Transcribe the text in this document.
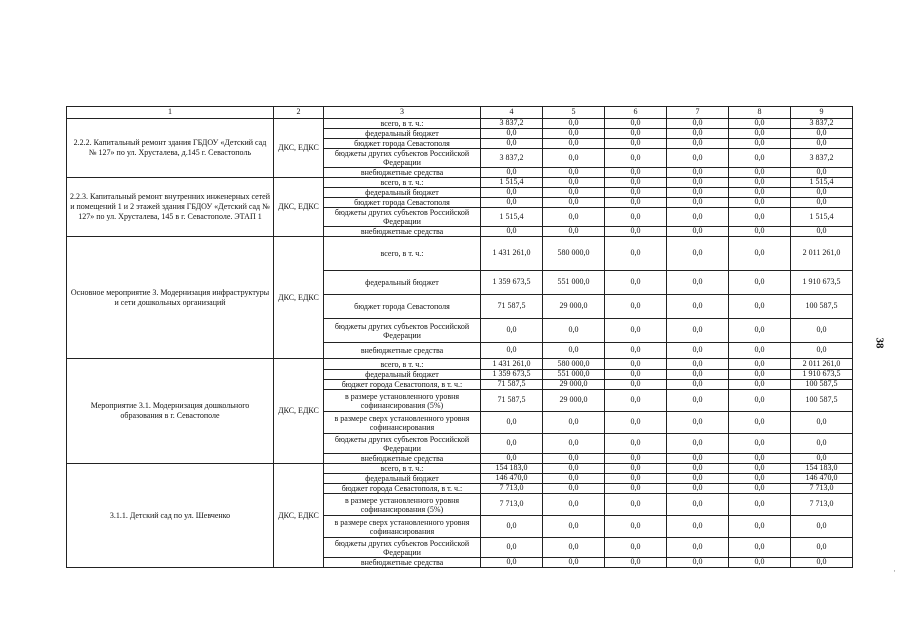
1	2	3	4	5	6	7	8	9
2.2.2. Капитальный ремонт здания ГБДОУ «Детский сад № 127» по ул. Хрусталева, д.145 г. Севастополь	ДКС, ЕДКС	всего, в т. ч.:	3 837,2	0,0	0,0	0,0	0,0	3 837,2
		федеральный бюджет	0,0	0,0	0,0	0,0	0,0	0,0
		бюджет города Севастополя	0,0	0,0	0,0	0,0	0,0	0,0
		бюджеты других субъектов Российской Федерации	3 837,2	0,0	0,0	0,0	0,0	3 837,2
		внебюджетные средства	0,0	0,0	0,0	0,0	0,0	0,0
2.2.3. Капитальный ремонт внутренних инженерных сетей и помещений 1 и 2 этажей здания ГБДОУ «Детский сад № 127» по ул. Хрусталева, 145 в г. Севастополе. ЭТАП 1	ДКС, ЕДКС	всего, в т. ч.:	1 515,4	0,0	0,0	0,0	0,0	1 515,4
		федеральный бюджет	0,0	0,0	0,0	0,0	0,0	0,0
		бюджет города Севастополя	0,0	0,0	0,0	0,0	0,0	0,0
		бюджеты других субъектов Российской Федерации	1 515,4	0,0	0,0	0,0	0,0	1 515,4
		внебюджетные средства	0,0	0,0	0,0	0,0	0,0	0,0
Основное мероприятие 3. Модернизация инфраструктуры и сети дошкольных организаций	ДКС, ЕДКС	всего, в т. ч.:	1 431 261,0	580 000,0	0,0	0,0	0,0	2 011 261,0
		федеральный бюджет	1 359 673,5	551 000,0	0,0	0,0	0,0	1 910 673,5
		бюджет города Севастополя	71 587,5	29 000,0	0,0	0,0	0,0	100 587,5
		бюджеты других субъектов Российской Федерации	0,0	0,0	0,0	0,0	0,0	0,0
		внебюджетные средства	0,0	0,0	0,0	0,0	0,0	0,0
Мероприятие 3.1. Модернизация дошкольного образования в г. Севастополе	ДКС, ЕДКС	всего, в т. ч.:	1 431 261,0	580 000,0	0,0	0,0	0,0	2 011 261,0
		федеральный бюджет	1 359 673,5	551 000,0	0,0	0,0	0,0	1 910 673,5
		бюджет города Севастополя, в т. ч.:	71 587,5	29 000,0	0,0	0,0	0,0	100 587,5
		в размере установленного уровня софинансирования (5%)	71 587,5	29 000,0	0,0	0,0	0,0	100 587,5
		в размере сверх установленного уровня софинансирования	0,0	0,0	0,0	0,0	0,0	0,0
		бюджеты других субъектов Российской Федерации	0,0	0,0	0,0	0,0	0,0	0,0
		внебюджетные средства	0,0	0,0	0,0	0,0	0,0	0,0
3.1.1. Детский сад по ул. Шевченко	ДКС, ЕДКС	всего, в т. ч.:	154 183,0	0,0	0,0	0,0	0,0	154 183,0
		федеральный бюджет	146 470,0	0,0	0,0	0,0	0,0	146 470,0
		бюджет города Севастополя, в т. ч.:	7 713,0	0,0	0,0	0,0	0,0	7 713,0
		в размере установленного уровня софинансирования (5%)	7 713,0	0,0	0,0	0,0	0,0	7 713,0
		в размере сверх установленного уровня софинансирования	0,0	0,0	0,0	0,0	0,0	0,0
		бюджеты других субъектов Российской Федерации	0,0	0,0	0,0	0,0	0,0	0,0
		внебюджетные средства	0,0	0,0	0,0	0,0	0,0	0,0
38
·
